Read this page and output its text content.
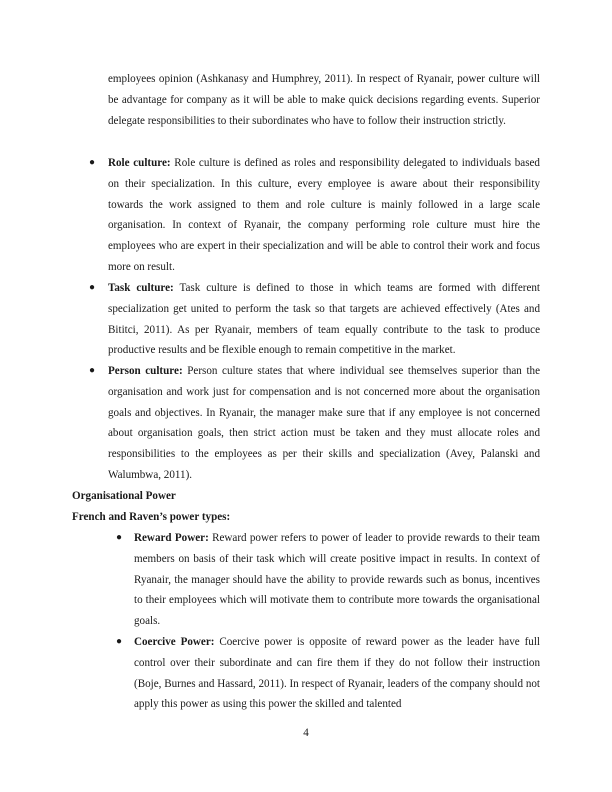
employees opinion (Ashkanasy and Humphrey, 2011). In respect of Ryanair, power culture will be advantage for company as it will be able to make quick decisions regarding events. Superior delegate responsibilities to their subordinates who have to follow their instruction strictly.

● Role culture: Role culture is defined as roles and responsibility delegated to individuals based on their specialization. In this culture, every employee is aware about their responsibility towards the work assigned to them and role culture is mainly followed in a large scale organisation. In context of Ryanair, the company performing role culture must hire the employees who are expert in their specialization and will be able to control their work and focus more on result.

● Task culture: Task culture is defined to those in which teams are formed with different specialization get united to perform the task so that targets are achieved effectively (Ates and Bititci, 2011). As per Ryanair, members of team equally contribute to the task to produce productive results and be flexible enough to remain competitive in the market.

● Person culture: Person culture states that where individual see themselves superior than the organisation and work just for compensation and is not concerned more about the organisation goals and objectives. In Ryanair, the manager make sure that if any employee is not concerned about organisation goals, then strict action must be taken and they must allocate roles and responsibilities to the employees as per their skills and specialization (Avey, Palanski and Walumbwa, 2011).

Organisational Power
French and Raven’s power types:
● Reward Power: Reward power refers to power of leader to provide rewards to their team members on basis of their task which will create positive impact in results. In context of Ryanair, the manager should have the ability to provide rewards such as bonus, incentives to their employees which will motivate them to contribute more towards the organisational goals.

● Coercive Power: Coercive power is opposite of reward power as the leader have full control over their subordinate and can fire them if they do not follow their instruction (Boje, Burnes and Hassard, 2011). In respect of Ryanair, leaders of the company should not apply this power as using this power the skilled and talented

4
